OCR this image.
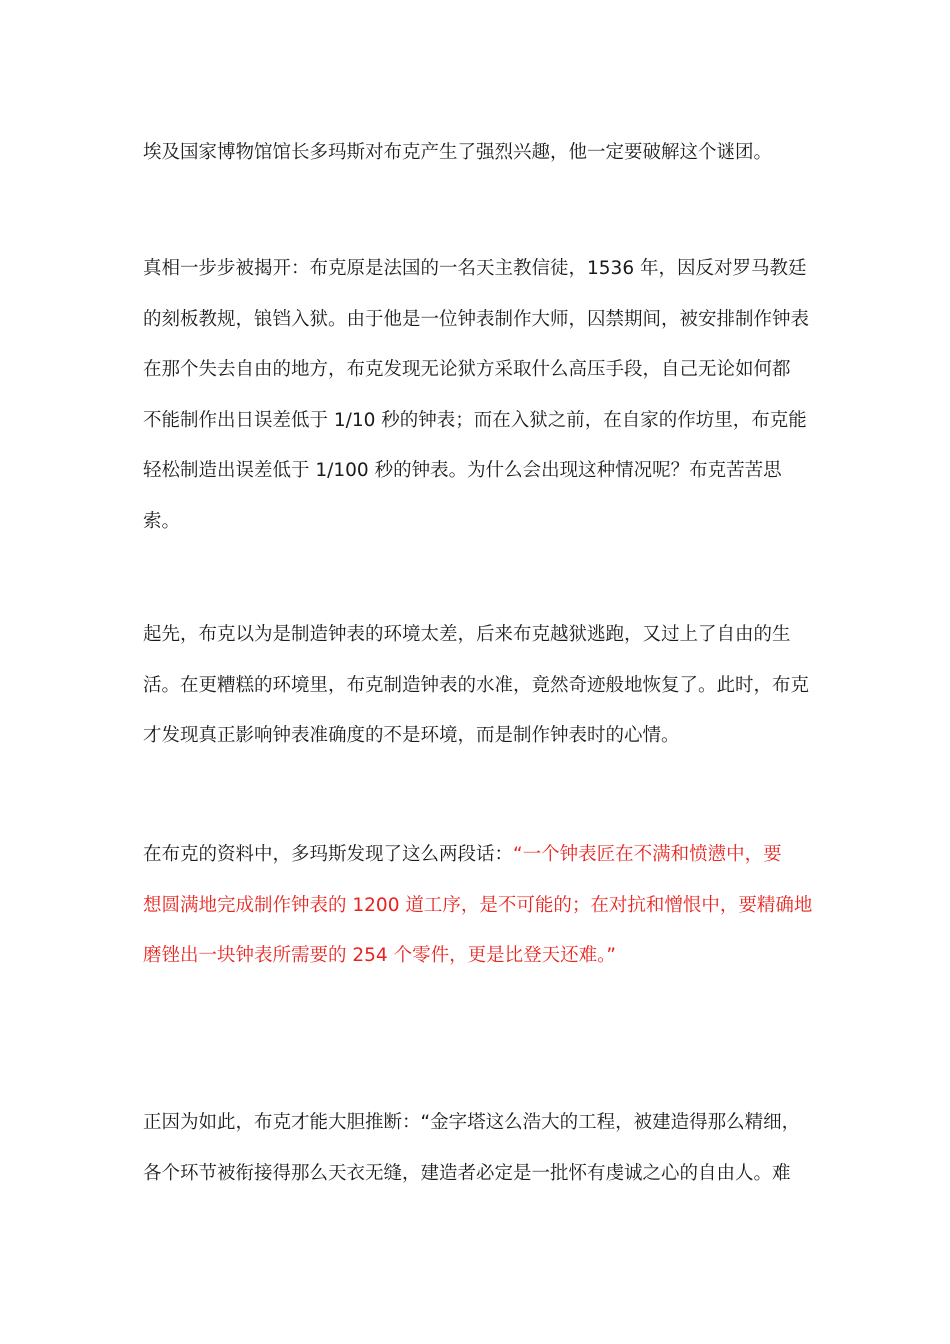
埃及国家博物馆馆长多玛斯对布克产生了强烈兴趣，他一定要破解这个谜团。

真相一步步被揭开：布克原是法国的一名天主教信徒，1536 年，因反对罗马教廷
的刻板教规，锒铛入狱。由于他是一位钟表制作大师，囚禁期间，被安排制作钟表
在那个失去自由的地方，布克发现无论狱方采取什么高压手段，自己无论如何都
不能制作出日误差低于 1/10 秒的钟表；而在入狱之前，在自家的作坊里，布克能
轻松制造出误差低于 1/100 秒的钟表。为什么会出现这种情况呢？布克苦苦思
索。

起先，布克以为是制造钟表的环境太差，后来布克越狱逃跑，又过上了自由的生
活。在更糟糕的环境里，布克制造钟表的水准，竟然奇迹般地恢复了。此时，布克
才发现真正影响钟表准确度的不是环境，而是制作钟表时的心情。

在布克的资料中，多玛斯发现了这么两段话：“一个钟表匠在不满和愤懑中，要
想圆满地完成制作钟表的 1200 道工序，是不可能的；在对抗和憎恨中，要精确地
磨锉出一块钟表所需要的 254 个零件，更是比登天还难。”

正因为如此，布克才能大胆推断：“金字塔这么浩大的工程，被建造得那么精细，
各个环节被衔接得那么天衣无缝，建造者必定是一批怀有虔诚之心的自由人。难
